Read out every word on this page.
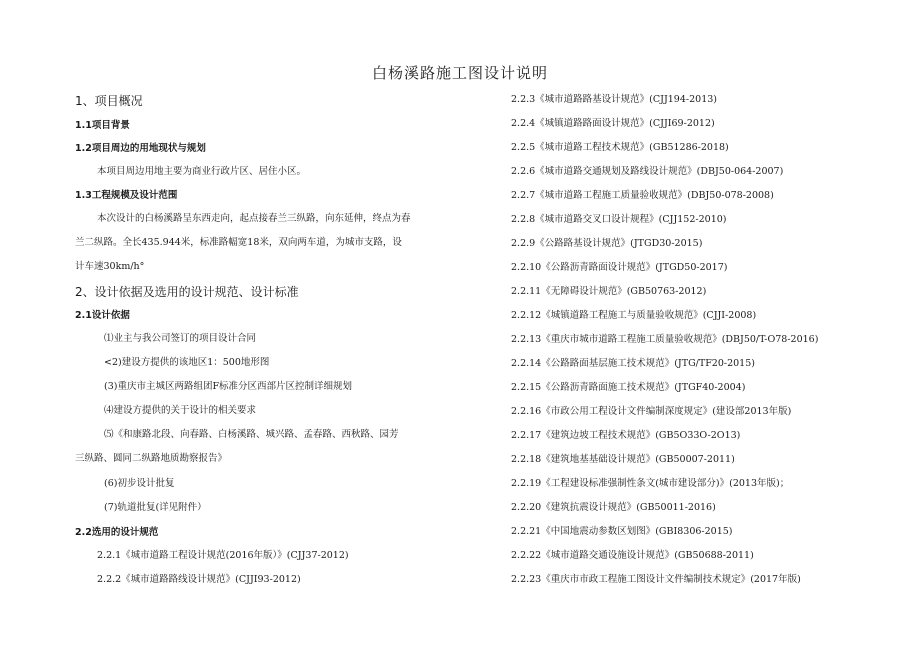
白杨溪路施工图设计说明
1、项目概况
1.1项目背景
1.2项目周边的用地现状与规划
本项目周边用地主要为商业行政片区、居住小区。
1.3工程规模及设计范围
本次设计的白杨溪路呈东西走向，起点接春兰三纵路，向东延伸，终点为春
兰二纵路。全长435.944米，标准路幅宽18米，双向两车道，为城市支路，设
计车速30km/h°
2、设计依据及选用的设计规范、设计标准
2.1设计依据
⑴业主与我公司签订的项目设计合同
<2)建设方提供的该地区1：500地形图
(3)重庆市主城区两路组团F标准分区西部片区控制详细规划
⑷建设方提供的关于设计的相关要求
⑸《和康路北段、向春路、白杨溪路、城兴路、孟春路、西秋路、园芳
三纵路、圆同二纵路地质勘察报告》
(6)初步设计批复
(7)轨道批复(详见附件）
2.2选用的设计规范
2.2.1《城市道路工程设计规范(2016年版）》(CJJ37-2012)
2.2.2《城市道路路线设计规范》(CJJI93-2012)
2.2.3《城市道路路基设计规范》(CJJ194-2013)
2.2.4《城镇道路路面设计规范》(CJJI69-2012)
2.2.5《城市道路工程技术规范》(GB51286-2018)
2.2.6《城市道路交通规划及路线设计规范》(DBJ50-064-2007)
2.2.7《城市道路工程施工质量验收规范》(DBJ50-078-2008)
2.2.8《城市道路交叉口设计规程》(CJJ152-2010)
2.2.9《公路路基设计规范》(JTGD30-2015)
2.2.10《公路沥青路面设计规范》(JTGD50-2017)
2.2.11《无障碍设计规范》(GB50763-2012)
2.2.12《城镇道路工程施工与质量验收规范》(CJJI-2008)
2.2.13《重庆市城市道路工程施工质量验收规范》(DBJ50/T-O78-2016)
2.2.14《公路路面基层施工技术规范》(JTG/TF20-2015)
2.2.15《公路沥青路面施工技术规范》(JTGF40-2004)
2.2.16《市政公用工程设计文件编制深度规定》(建设部2013年版)
2.2.17《建筑边坡工程技术规范》(GB5O33O-2O13)
2.2.18《建筑地基基础设计规范》(GB50007-2011)
2.2.19《工程建设标准强制性条文(城市建设部分)》(2013年版)；
2.2.20《建筑抗震设计规范》(GB50011-2016)
2.2.21《中国地震动参数区划图》(GBI8306-2015)
2.2.22《城市道路交通设施设计规范》(GB50688-2011)
2.2.23《重庆市市政工程施工图设计文件编制技术规定》(2017年版)
